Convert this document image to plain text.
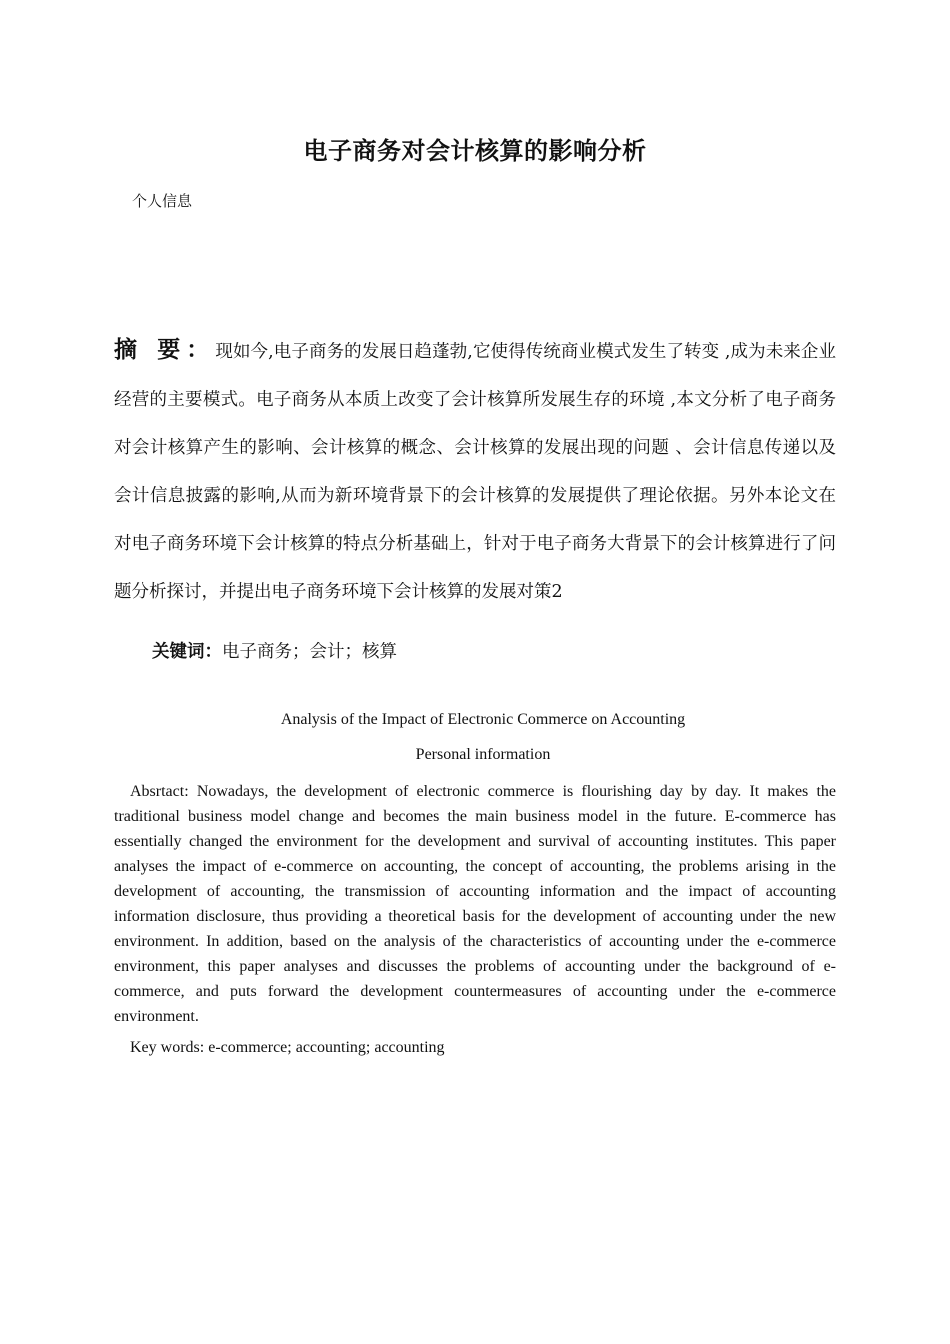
电子商务对会计核算的影响分析
个人信息

摘 要：现如今,电子商务的发展日趋蓬勃,它使得传统商业模式发生了转变 ,成为未来企业经营的主要模式。电子商务从本质上改变了会计核算所发展生存的环境 ,本文分析了电子商务对会计核算产生的影响、会计核算的概念、会计核算的发展出现的问题 、会计信息传递以及会计信息披露的影响,从而为新环境背景下的会计核算的发展提供了理论依据。另外本论文在对电子商务环境下会计核算的特点分析基础上，针对于电子商务大背景下的会计核算进行了问题分析探讨，并提出电子商务环境下会计核算的发展对策2

关键词：电子商务；会计；核算
Analysis of the Impact of Electronic Commerce on Accounting
Personal information

Absrtact: Nowadays, the development of electronic commerce is flourishing day by day. It makes the traditional business model change and becomes the main business model in the future. E-commerce has essentially changed the environment for the development and survival of accounting institutes. This paper analyses the impact of e-commerce on accounting, the concept of accounting, the problems arising in the development of accounting, the transmission of accounting information and the impact of accounting information disclosure, thus providing a theoretical basis for the development of accounting under the new environment. In addition, based on the analysis of the characteristics of accounting under the e-commerce environment, this paper analyses and discusses the problems of accounting under the background of e-commerce, and puts forward the development countermeasures of accounting under the e-commerce environment.

Key words: e-commerce; accounting; accounting
